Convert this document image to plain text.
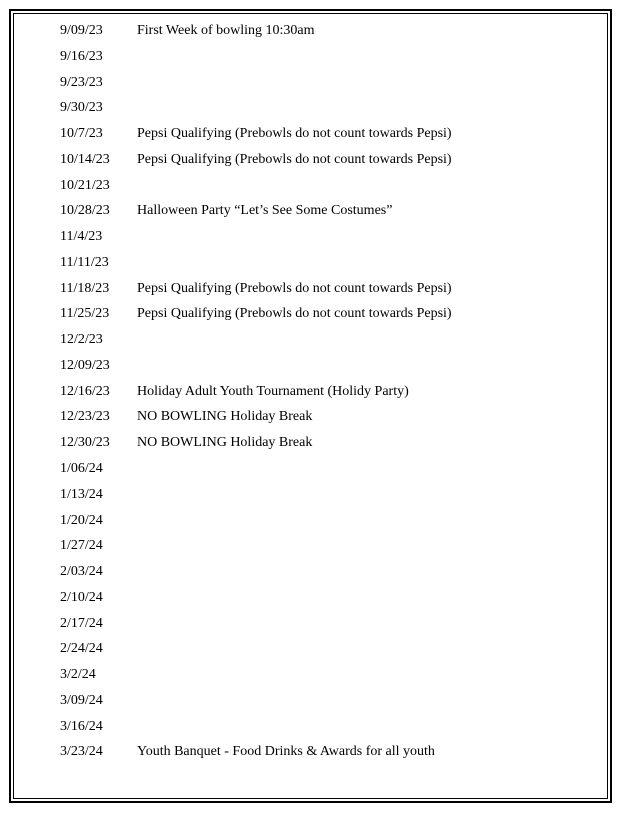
9/09/23	First Week of bowling 10:30am
9/16/23
9/23/23
9/30/23
10/7/23	Pepsi Qualifying (Prebowls do not count towards Pepsi)
10/14/23	Pepsi Qualifying (Prebowls do not count towards Pepsi)
10/21/23
10/28/23	Halloween Party “Let’s See Some Costumes”
11/4/23
11/11/23
11/18/23	Pepsi Qualifying (Prebowls do not count towards Pepsi)
11/25/23	Pepsi Qualifying (Prebowls do not count towards Pepsi)
12/2/23
12/09/23
12/16/23	Holiday Adult Youth Tournament (Holidy Party)
12/23/23	NO BOWLING Holiday Break
12/30/23	NO BOWLING Holiday Break
1/06/24
1/13/24
1/20/24
1/27/24
2/03/24
2/10/24
2/17/24
2/24/24
3/2/24
3/09/24
3/16/24
3/23/24	Youth Banquet - Food Drinks & Awards for all youth
